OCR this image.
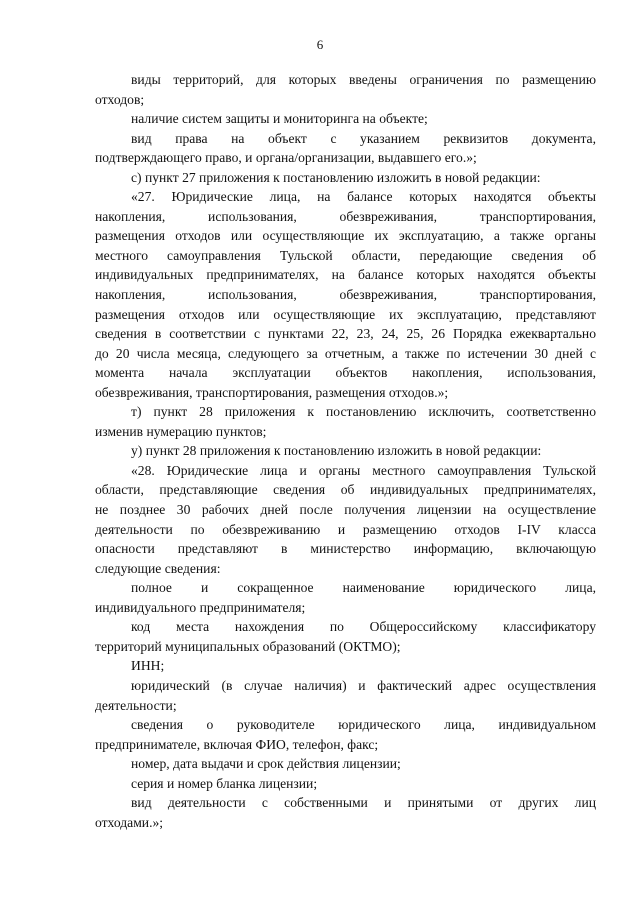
6
виды территорий, для которых введены ограничения по размещению
отходов;
наличие систем защиты и мониторинга на объекте;
вид права на объект с указанием реквизитов документа,
подтверждающего право, и органа/организации, выдавшего его.»;
с) пункт 27 приложения к постановлению изложить в новой редакции:
«27. Юридические лица, на балансе которых находятся объекты
накопления, использования, обезвреживания, транспортирования,
размещения отходов или осуществляющие их эксплуатацию, а также органы
местного самоуправления Тульской области, передающие сведения об
индивидуальных предпринимателях, на балансе которых находятся объекты
накопления, использования, обезвреживания, транспортирования,
размещения отходов или осуществляющие их эксплуатацию, представляют
сведения в соответствии с пунктами 22, 23, 24, 25, 26 Порядка ежеквартально
до 20 числа месяца, следующего за отчетным, а также по истечении 30 дней с
момента начала эксплуатации объектов накопления, использования,
обезвреживания, транспортирования, размещения отходов.»;
т) пункт 28 приложения к постановлению исключить, соответственно
изменив нумерацию пунктов;
у) пункт 28 приложения к постановлению изложить в новой редакции:
«28. Юридические лица и органы местного самоуправления Тульской
области, представляющие сведения об индивидуальных предпринимателях,
не позднее 30 рабочих дней после получения лицензии на осуществление
деятельности по обезвреживанию и размещению отходов I-IV класса
опасности представляют в министерство информацию, включающую
следующие сведения:
полное и сокращенное наименование юридического лица,
индивидуального предпринимателя;
код места нахождения по Общероссийскому классификатору
территорий муниципальных образований (ОКТМО);
ИНН;
юридический (в случае наличия) и фактический адрес осуществления
деятельности;
сведения о руководителе юридического лица, индивидуальном
предпринимателе, включая ФИО, телефон, факс;
номер, дата выдачи и срок действия лицензии;
серия и номер бланка лицензии;
вид деятельности с собственными и принятыми от других лиц
отходами.»;
